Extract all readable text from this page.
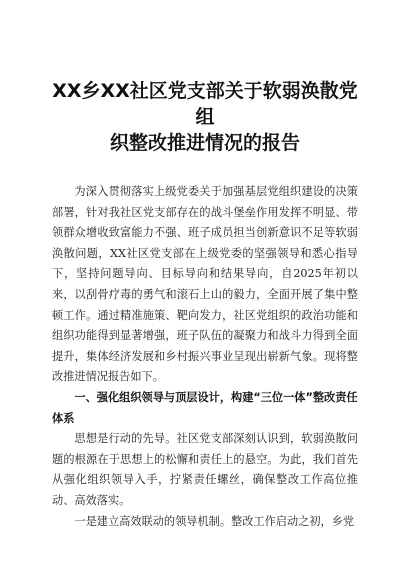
XX乡XX社区党支部关于软弱涣散党组
织整改推进情况的报告

为深入贯彻落实上级党委关于加强基层党组织建设的决策部署，针对我社区党支部存在的战斗堡垒作用发挥不明显、带领群众增收致富能力不强、班子成员担当创新意识不足等软弱涣散问题，XX社区党支部在上级党委的坚强领导和悉心指导下，坚持问题导向、目标导向和结果导向，自2025年初以来，以刮骨疗毒的勇气和滚石上山的毅力，全面开展了集中整顿工作。通过精准施策、靶向发力，社区党组织的政治功能和组织功能得到显著增强，班子队伍的凝聚力和战斗力得到全面提升，集体经济发展和乡村振兴事业呈现出崭新气象。现将整改推进情况报告如下。

一、强化组织领导与顶层设计，构建“三位一体”整改责任体系

思想是行动的先导。社区党支部深刻认识到，软弱涣散问题的根源在于思想上的松懈和责任上的悬空。为此，我们首先从强化组织领导入手，拧紧责任螺丝，确保整改工作高位推动、高效落实。

一是建立高效联动的领导机制。整改工作启动之初，乡党
